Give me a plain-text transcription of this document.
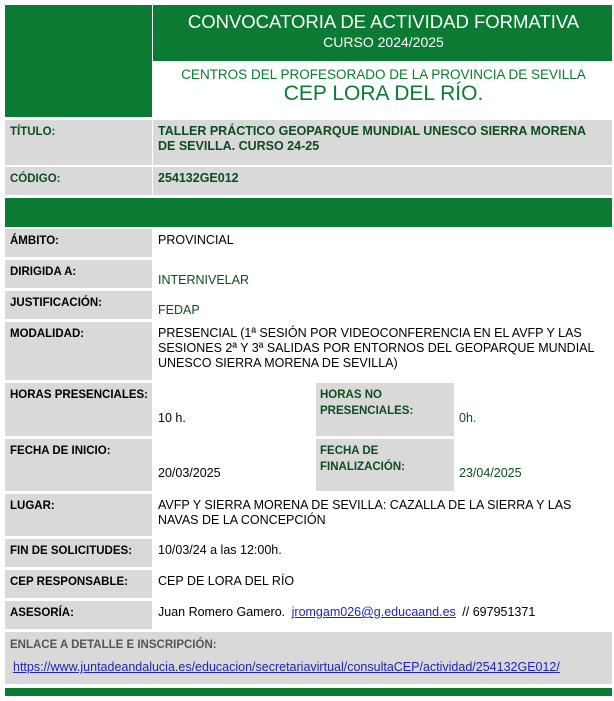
CONVOCATORIA DE ACTIVIDAD FORMATIVA
CURSO 2024/2025
CENTROS DEL PROFESORADO DE LA PROVINCIA DE SEVILLA
CEP LORA DEL RÍO.
TÍTULO:	TALLER PRÁCTICO GEOPARQUE MUNDIAL UNESCO SIERRA MORENA DE SEVILLA. CURSO 24-25
CÓDIGO:	254132GE012
ÁMBITO:	PROVINCIAL
DIRIGIDA A:
INTERNIVELAR
JUSTIFICACIÓN:	FEDAP
MODALIDAD:	PRESENCIAL (1ª SESIÓN POR VIDEOCONFERENCIA EN EL AVFP Y LAS SESIONES 2ª Y 3ª SALIDAS POR ENTORNOS DEL GEOPARQUE MUNDIAL UNESCO SIERRA MORENA DE SEVILLA)
HORAS PRESENCIALES:
10 h.
HORAS NO PRESENCIALES:	0h.
FECHA DE INICIO:
20/03/2025
FECHA DE FINALIZACIÓN:	23/04/2025
LUGAR:	AVFP Y SIERRA MORENA DE SEVILLA: CAZALLA DE LA SIERRA Y LAS NAVAS DE LA CONCEPCIÓN
FIN DE SOLICITUDES: 10/03/24 a las 12:00h.
CEP RESPONSABLE: CEP DE LORA DEL RÍO
ASESORÍA:	Juan Romero Gamero. jromgam026@g.educaand.es // 697951371
ENLACE A DETALLE E INSCRIPCIÓN:
https://www.juntadeandalucia.es/educacion/secretariavirtual/consultaCEP/actividad/254132GE012/
